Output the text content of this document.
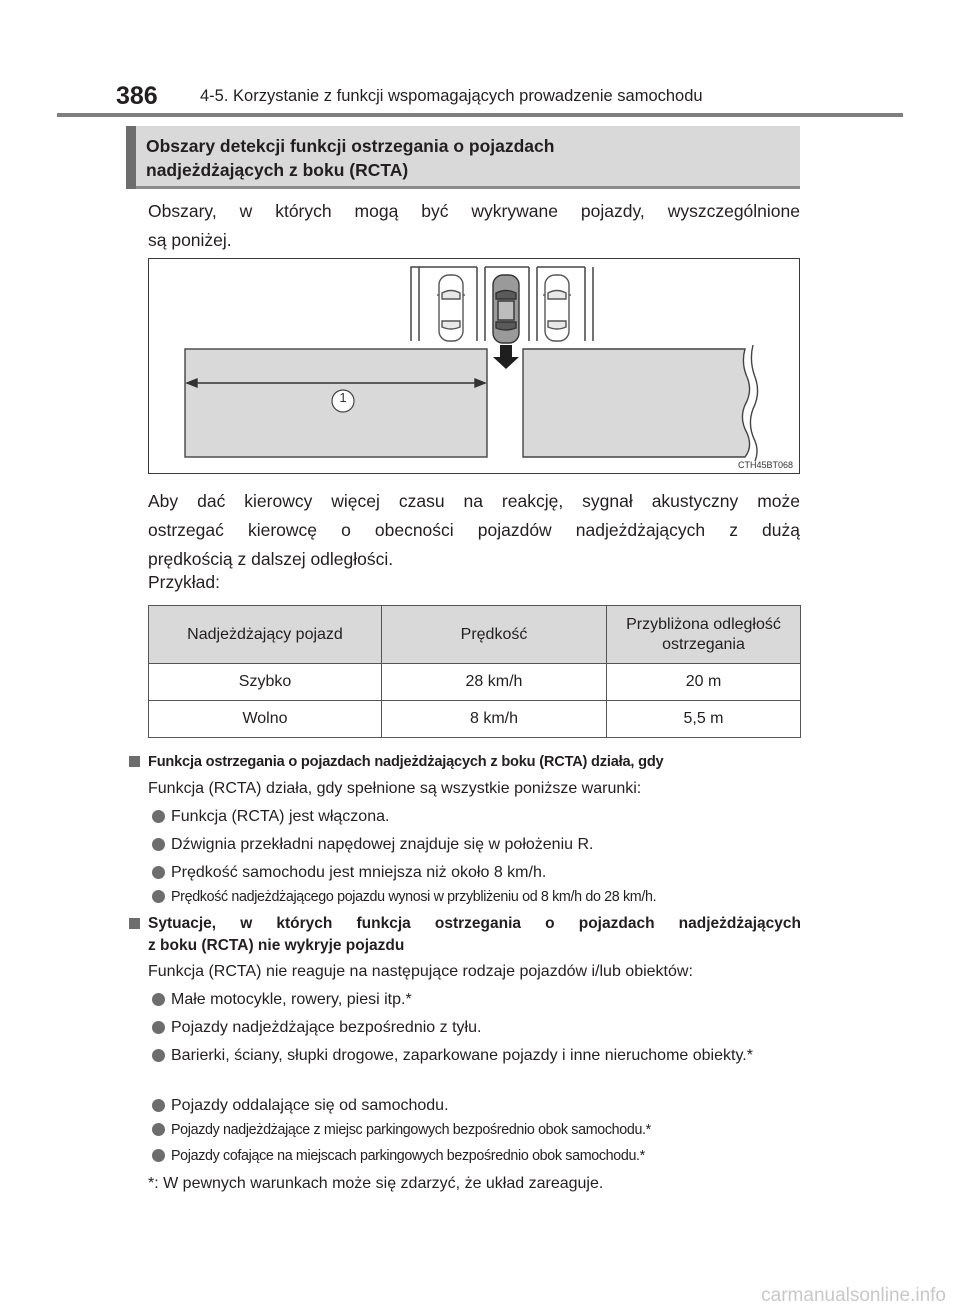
386	4-5. Korzystanie z funkcji wspomagających prowadzenie samochodu
Obszary detekcji funkcji ostrzegania o pojazdach
nadjeżdżających z boku (RCTA)
Obszary, w których mogą być wykrywane pojazdy, wyszczególnione
są poniżej.
1
CTH45BT068
Aby dać kierowcy więcej czasu na reakcję, sygnał akustyczny może
ostrzegać kierowcę o obecności pojazdów nadjeżdżających z dużą
prędkością z dalszej odległości.
Przykład:
Nadjeżdżający pojazd	Prędkość	Przybliżona odległość ostrzegania
Szybko	28 km/h	20 m
Wolno	8 km/h	5,5 m
Funkcja ostrzegania o pojazdach nadjeżdżających z boku (RCTA) działa, gdy
Funkcja (RCTA) działa, gdy spełnione są wszystkie poniższe warunki:
Funkcja (RCTA) jest włączona.
Dźwignia przekładni napędowej znajduje się w położeniu R.
Prędkość samochodu jest mniejsza niż około 8 km/h.
Prędkość nadjeżdżającego pojazdu wynosi w przybliżeniu od 8 km/h do 28 km/h.
Sytuacje, w których funkcja ostrzegania o pojazdach nadjeżdżających
z boku (RCTA) nie wykryje pojazdu
Funkcja (RCTA) nie reaguje na następujące rodzaje pojazdów i/lub obiektów:
Małe motocykle, rowery, piesi itp.*
Pojazdy nadjeżdżające bezpośrednio z tyłu.
Barierki, ściany, słupki drogowe, zaparkowane pojazdy i inne nieruchome obiekty.*
Pojazdy oddalające się od samochodu.
Pojazdy nadjeżdżające z miejsc parkingowych bezpośrednio obok samochodu.*
Pojazdy cofające na miejscach parkingowych bezpośrednio obok samochodu.*
*: W pewnych warunkach może się zdarzyć, że układ zareaguje.
carmanualsonline.info
